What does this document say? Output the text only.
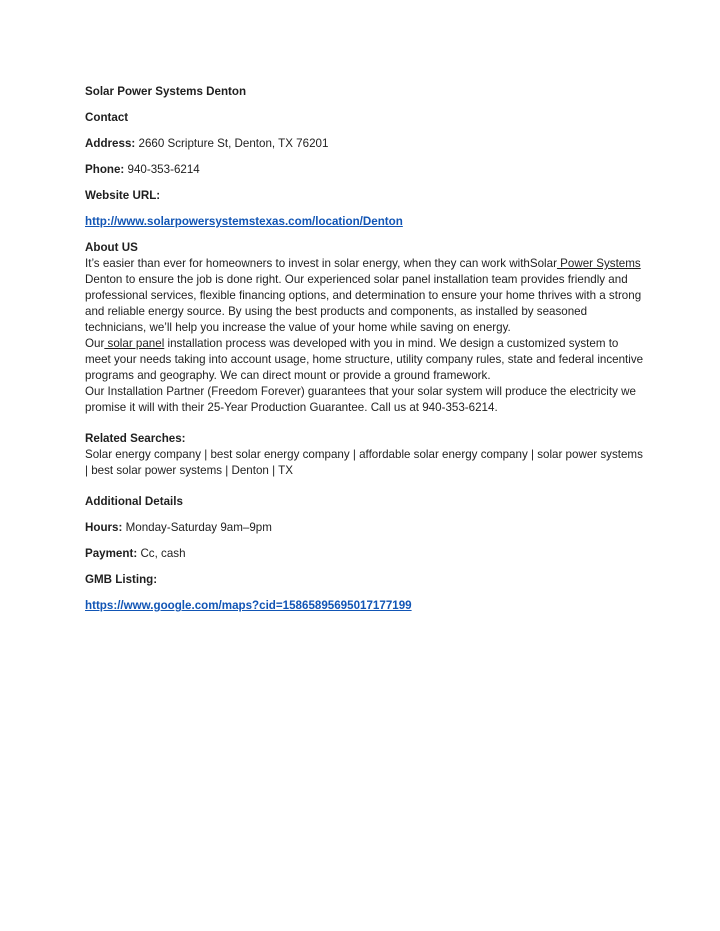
Solar Power Systems Denton

Contact

Address: 2660 Scripture St, Denton, TX 76201

Phone: 940-353-6214

Website URL:

http://www.solarpowersystemstexas.com/location/Denton

About US

It’s easier than ever for homeowners to invest in solar energy, when they can work withSolar Power Systems Denton to ensure the job is done right. Our experienced solar panel installation team provides friendly and professional services, flexible financing options, and determination to ensure your home thrives with a strong and reliable energy source. By using the best products and components, as installed by seasoned technicians, we’ll help you increase the value of your home while saving on energy.

Our solar panel installation process was developed with you in mind. We design a customized system to meet your needs taking into account usage, home structure, utility company rules, state and federal incentive programs and geography. We can direct mount or provide a ground framework.

Our Installation Partner (Freedom Forever) guarantees that your solar system will produce the electricity we promise it will with their 25-Year Production Guarantee. Call us at 940-353-6214.

Related Searches:

Solar energy company | best solar energy company | affordable solar energy company | solar power systems | best solar power systems | Denton | TX

Additional Details

Hours: Monday-Saturday 9am–9pm

Payment: Cc, cash

GMB Listing:

https://www.google.com/maps?cid=15865895695017177199
